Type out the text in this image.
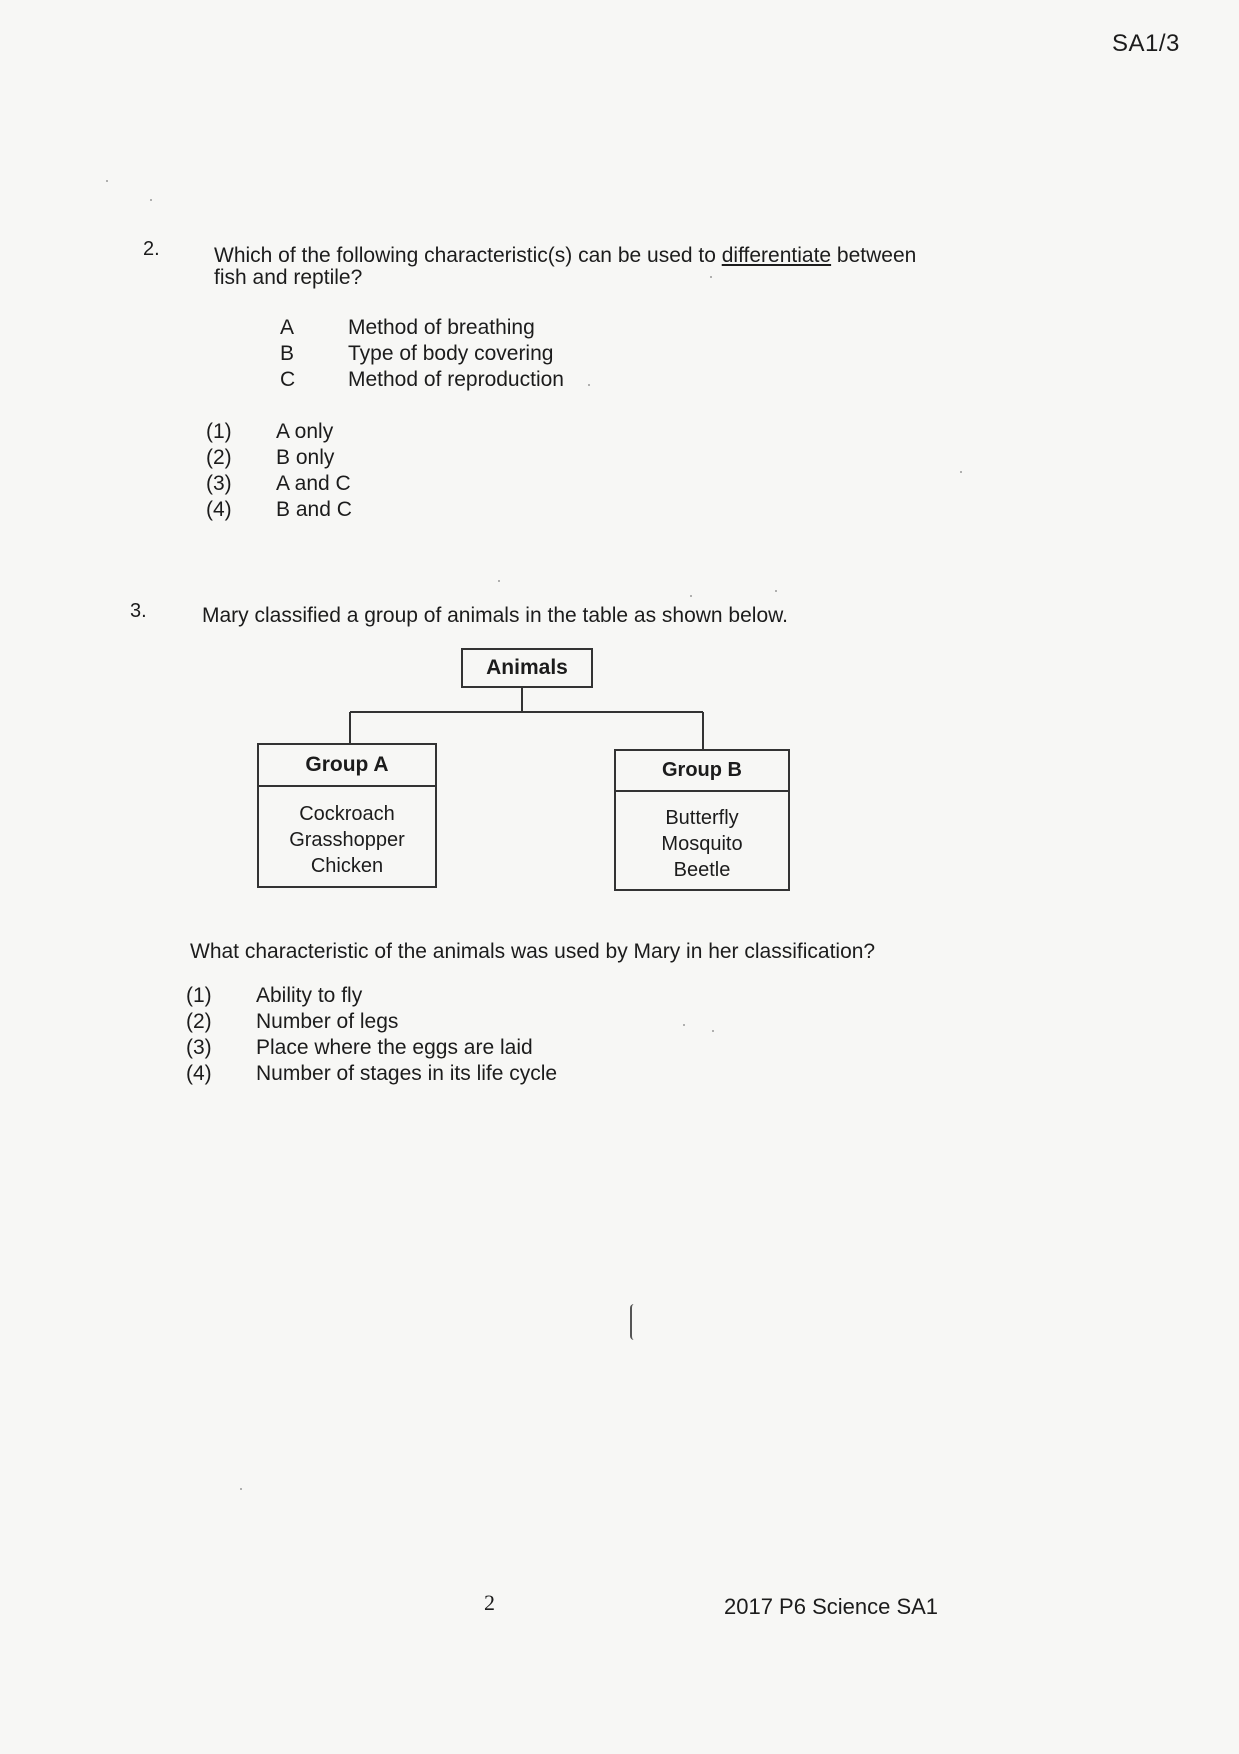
SA1/3
2.	Which of the following characteristic(s) can be used to differentiate between
fish and reptile?
A	Method of breathing
B	Type of body covering
C	Method of reproduction
(1) A only
(2) B only
(3) A and C
(4) B and C
3.	Mary classified a group of animals in the table as shown below.
Animals
Group A
Cockroach
Grasshopper
Chicken
Group B
Butterfly
Mosquito
Beetle
What characteristic of the animals was used by Mary in her classification?
(1) Ability to fly
(2) Number of legs
(3) Place where the eggs are laid
(4) Number of stages in its life cycle
2	2017 P6 Science SA1
